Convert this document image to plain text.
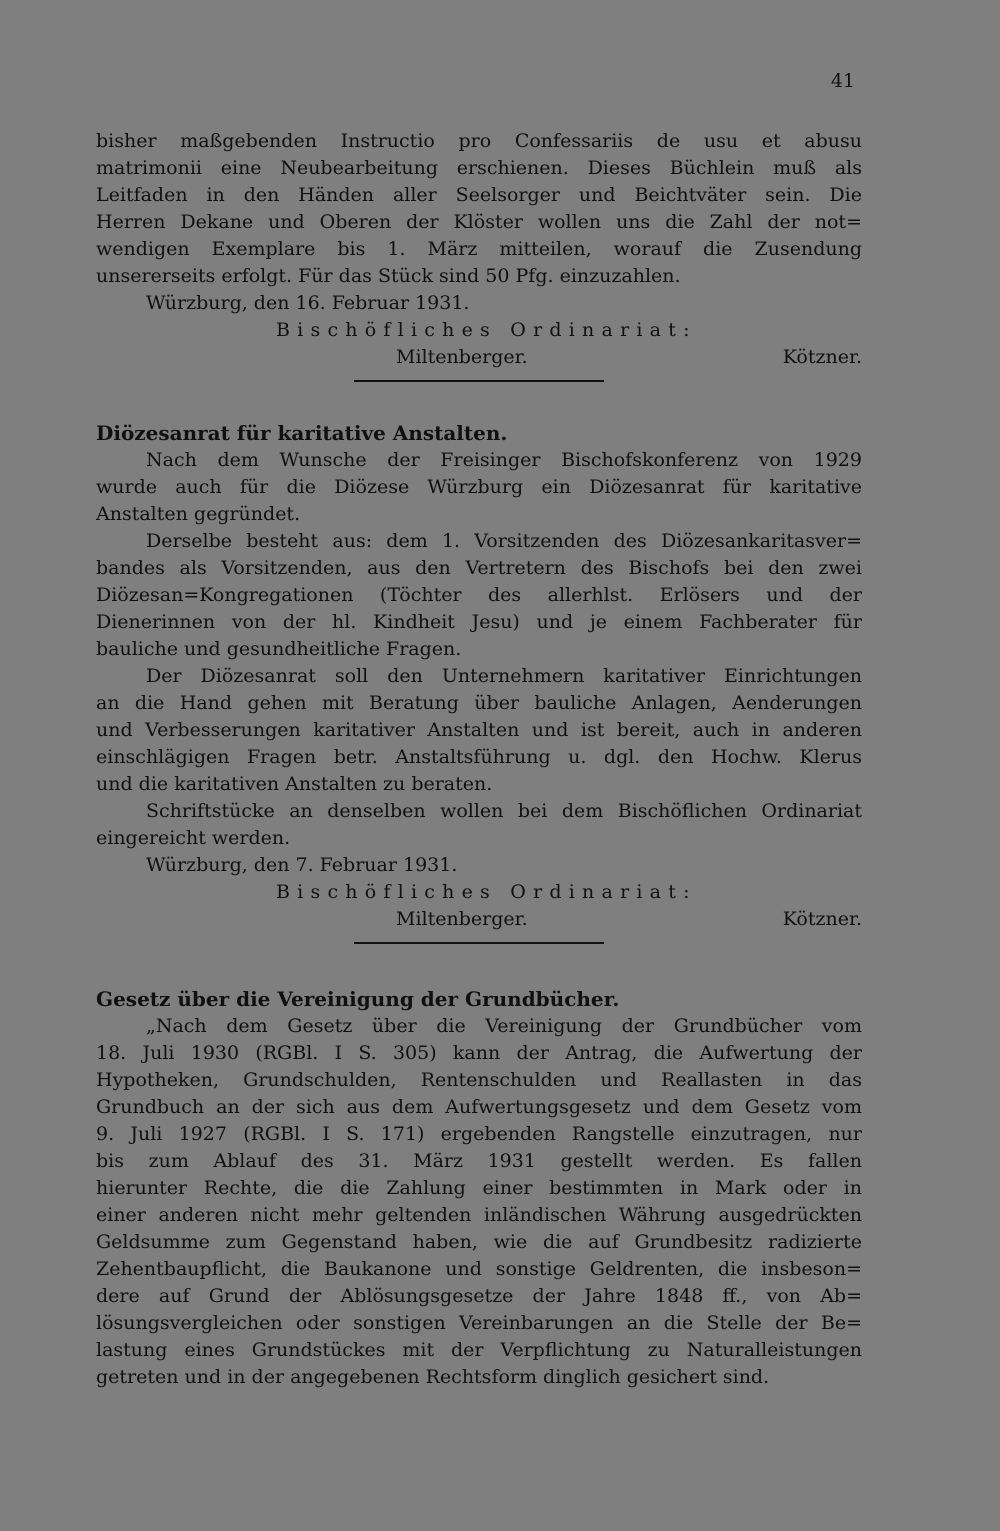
41
bisher maßgebenden Instructio pro Confessariis de usu et abusu
matrimonii eine Neubearbeitung erschienen. Dieses Büchlein muß als
Leitfaden in den Händen aller Seelsorger und Beichtväter sein. Die
Herren Dekane und Oberen der Klöster wollen uns die Zahl der not=
wendigen Exemplare bis 1. März mitteilen, worauf die Zusendung
unsererseits erfolgt. Für das Stück sind 50 Pfg. einzuzahlen.
Würzburg, den 16. Februar 1931.
Bischöfliches Ordinariat:
Miltenberger.	Kötzner.
Diözesanrat für karitative Anstalten.
Nach dem Wunsche der Freisinger Bischofskonferenz von 1929
wurde auch für die Diözese Würzburg ein Diözesanrat für karitative
Anstalten gegründet.
Derselbe besteht aus: dem 1. Vorsitzenden des Diözesankaritasver=
bandes als Vorsitzenden, aus den Vertretern des Bischofs bei den zwei
Diözesan=Kongregationen (Töchter des allerhlst. Erlösers und der
Dienerinnen von der hl. Kindheit Jesu) und je einem Fachberater für
bauliche und gesundheitliche Fragen.
Der Diözesanrat soll den Unternehmern karitativer Einrichtungen
an die Hand gehen mit Beratung über bauliche Anlagen, Aenderungen
und Verbesserungen karitativer Anstalten und ist bereit, auch in anderen
einschlägigen Fragen betr. Anstaltsführung u. dgl. den Hochw. Klerus
und die karitativen Anstalten zu beraten.
Schriftstücke an denselben wollen bei dem Bischöflichen Ordinariat
eingereicht werden.
Würzburg, den 7. Februar 1931.
Bischöfliches Ordinariat:
Miltenberger.	Kötzner.
Gesetz über die Vereinigung der Grundbücher.
„Nach dem Gesetz über die Vereinigung der Grundbücher vom
18. Juli 1930 (RGBl. I S. 305) kann der Antrag, die Aufwertung der
Hypotheken, Grundschulden, Rentenschulden und Reallasten in das
Grundbuch an der sich aus dem Aufwertungsgesetz und dem Gesetz vom
9. Juli 1927 (RGBl. I S. 171) ergebenden Rangstelle einzutragen, nur
bis zum Ablauf des 31. März 1931 gestellt werden. Es fallen
hierunter Rechte, die die Zahlung einer bestimmten in Mark oder in
einer anderen nicht mehr geltenden inländischen Währung ausgedrückten
Geldsumme zum Gegenstand haben, wie die auf Grundbesitz radizierte
Zehentbaupflicht, die Baukanone und sonstige Geldrenten, die insbeson=
dere auf Grund der Ablösungsgesetze der Jahre 1848 ff., von Ab=
lösungsvergleichen oder sonstigen Vereinbarungen an die Stelle der Be=
lastung eines Grundstückes mit der Verpflichtung zu Naturalleistungen
getreten und in der angegebenen Rechtsform dinglich gesichert sind.
